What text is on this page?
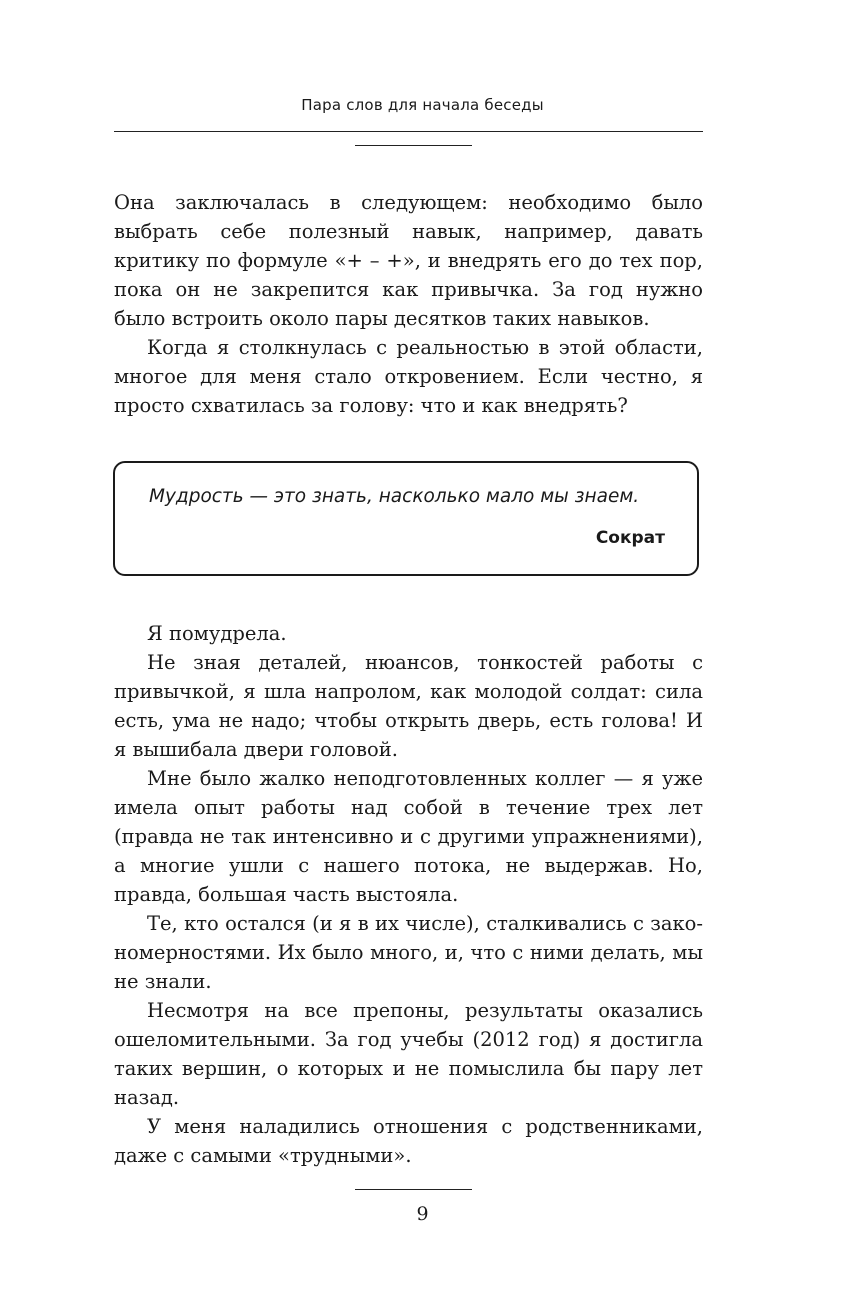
Пара слов для начала беседы

Она заключалась в следующем: необходимо было выбрать себе полезный навык, например, давать критику по формуле «+ – +», и внедрять его до тех пор, пока он не закрепится как привычка. За год нужно было встроить около пары десятков таких навыков.

Когда я столкнулась с реальностью в этой области, многое для меня стало откровением. Если честно, я просто схватилась за голову: что и как внедрять?

Мудрость — это знать, насколько мало мы знаем.
Сократ

Я помудрела.

Не зная деталей, нюансов, тонкостей работы с привычкой, я шла напролом, как молодой солдат: сила есть, ума не надо; чтобы открыть дверь, есть голова! И я вышибала двери головой.

Мне было жалко неподготовленных коллег — я уже имела опыт работы над собой в течение трех лет (правда не так интенсивно и с другими упражнениями), а многие ушли с нашего потока, не выдержав. Но, правда, большая часть выстояла.

Те, кто остался (и я в их числе), сталкивались с закономерностями. Их было много, и, что с ними делать, мы не знали.

Несмотря на все препоны, результаты оказались ошеломительными. За год учебы (2012 год) я достигла таких вершин, о которых и не помыслила бы пару лет назад.

У меня наладились отношения с родственниками, даже с самыми «трудными».

9
